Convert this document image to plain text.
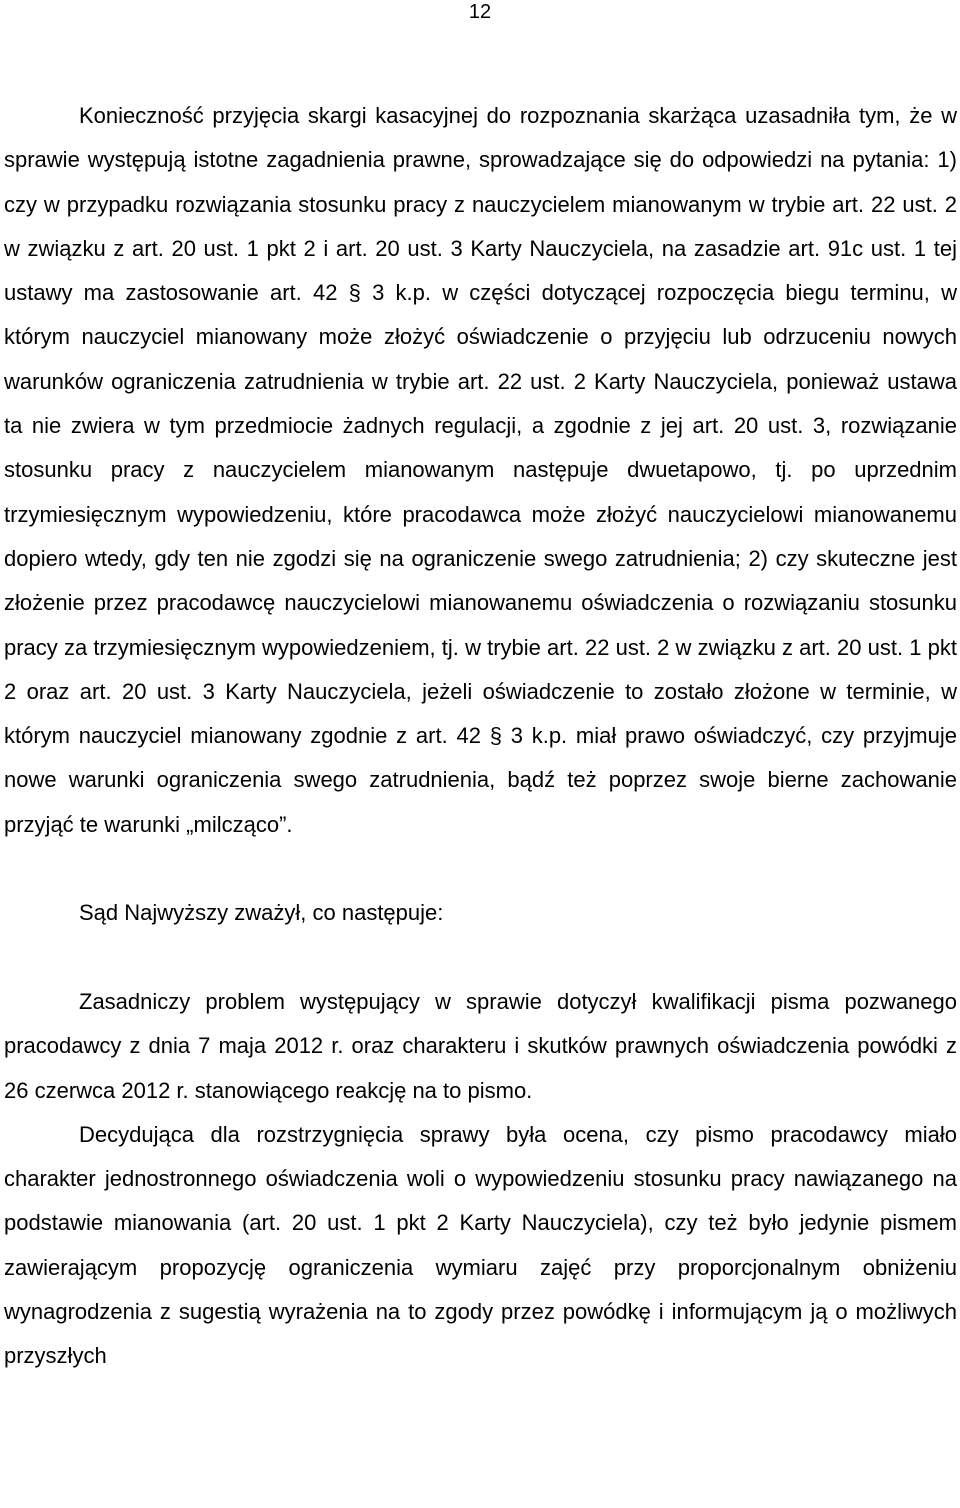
12

Konieczność przyjęcia skargi kasacyjnej do rozpoznania skarżąca uzasadniła tym, że w sprawie występują istotne zagadnienia prawne, sprowadzające się do odpowiedzi na pytania: 1) czy w przypadku rozwiązania stosunku pracy z nauczycielem mianowanym w trybie art. 22 ust. 2 w związku z art. 20 ust. 1 pkt 2 i art. 20 ust. 3 Karty Nauczyciela, na zasadzie art. 91c ust. 1 tej ustawy ma zastosowanie art. 42 § 3 k.p. w części dotyczącej rozpoczęcia biegu terminu, w którym nauczyciel mianowany może złożyć oświadczenie o przyjęciu lub odrzuceniu nowych warunków ograniczenia zatrudnienia w trybie art. 22 ust. 2 Karty Nauczyciela, ponieważ ustawa ta nie zwiera w tym przedmiocie żadnych regulacji, a zgodnie z jej art. 20 ust. 3, rozwiązanie stosunku pracy z nauczycielem mianowanym następuje dwuetapowo, tj. po uprzednim trzymiesięcznym wypowiedzeniu, które pracodawca może złożyć nauczycielowi mianowanemu dopiero wtedy, gdy ten nie zgodzi się na ograniczenie swego zatrudnienia; 2) czy skuteczne jest złożenie przez pracodawcę nauczycielowi mianowanemu oświadczenia o rozwiązaniu stosunku pracy za trzymiesięcznym wypowiedzeniem, tj. w trybie art. 22 ust. 2 w związku z art. 20 ust. 1 pkt 2 oraz art. 20 ust. 3 Karty Nauczyciela, jeżeli oświadczenie to zostało złożone w terminie, w którym nauczyciel mianowany zgodnie z art. 42 § 3 k.p. miał prawo oświadczyć, czy przyjmuje nowe warunki ograniczenia swego zatrudnienia, bądź też poprzez swoje bierne zachowanie przyjąć te warunki „milcząco”.

Sąd Najwyższy zważył, co następuje:

Zasadniczy problem występujący w sprawie dotyczył kwalifikacji pisma pozwanego pracodawcy z dnia 7 maja 2012 r. oraz charakteru i skutków prawnych oświadczenia powódki z 26 czerwca 2012 r. stanowiącego reakcję na to pismo.

Decydująca dla rozstrzygnięcia sprawy była ocena, czy pismo pracodawcy miało charakter jednostronnego oświadczenia woli o wypowiedzeniu stosunku pracy nawiązanego na podstawie mianowania (art. 20 ust. 1 pkt 2 Karty Nauczyciela), czy też było jedynie pismem zawierającym propozycję ograniczenia wymiaru zajęć przy proporcjonalnym obniżeniu wynagrodzenia z sugestią wyrażenia na to zgody przez powódkę i informującym ją o możliwych przyszłych
